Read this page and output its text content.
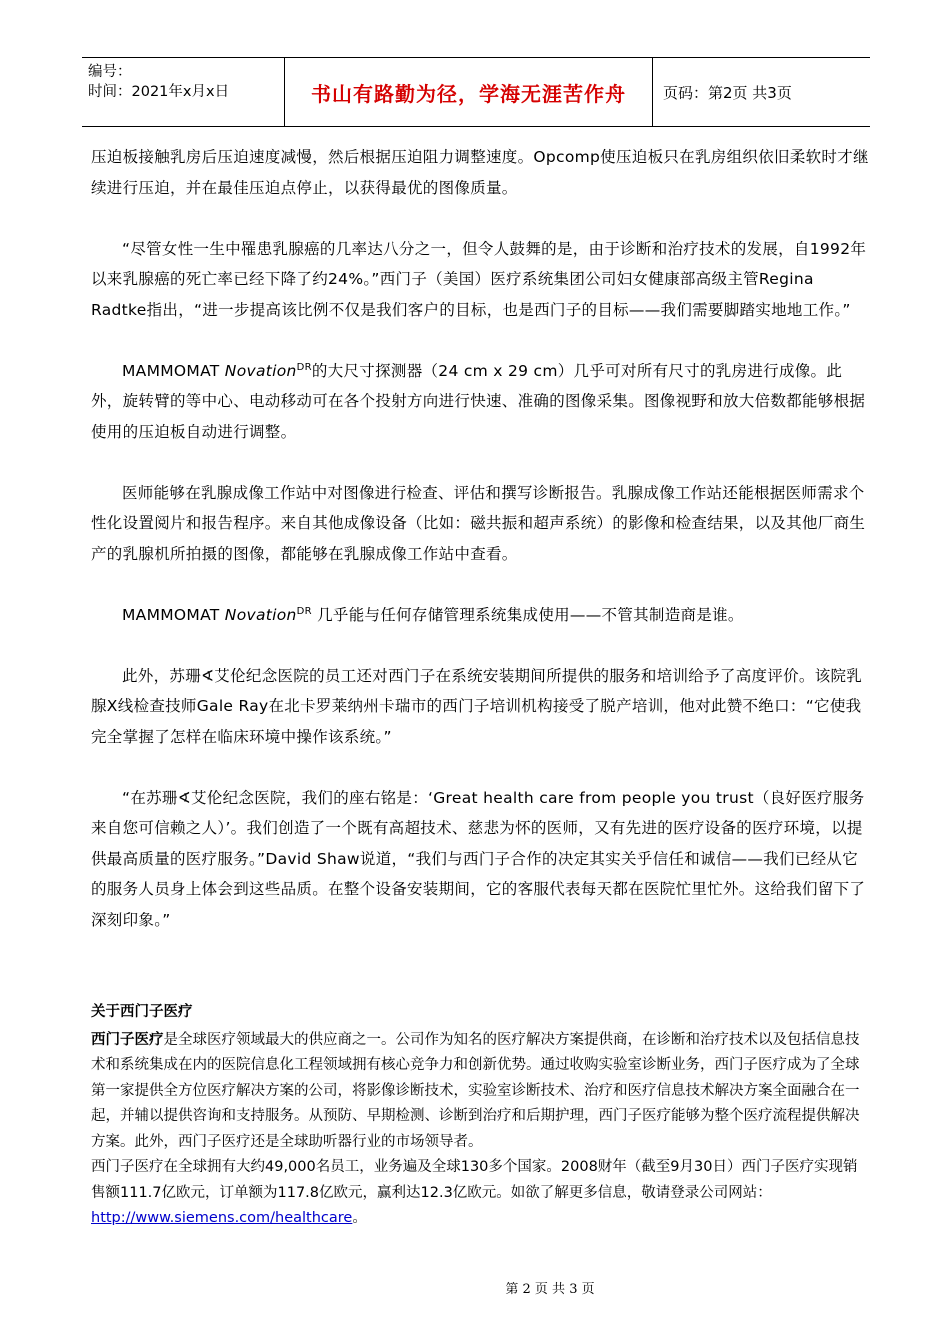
编号：
时间：2021年x月x日	书山有路勤为径，学海无涯苦作舟	页码：第2页 共3页

压迫板接触乳房后压迫速度减慢，然后根据压迫阻力调整速度。Opcomp使压迫板只在乳房组织依旧柔软时才继续进行压迫，并在最佳压迫点停止，以获得最优的图像质量。

“尽管女性一生中罹患乳腺癌的几率达八分之一，但令人鼓舞的是，由于诊断和治疗技术的发展，自1992年以来乳腺癌的死亡率已经下降了约24%。”西门子（美国）医疗系统集团公司妇女健康部高级主管Regina Radtke指出，“进一步提高该比例不仅是我们客户的目标，也是西门子的目标——我们需要脚踏实地地工作。”

MAMMOMAT Novation$^{DR}$的大尺寸探测器（24 cm x 29 cm）几乎可对所有尺寸的乳房进行成像。此外，旋转臂的等中心、电动移动可在各个投射方向进行快速、准确的图像采集。图像视野和放大倍数都能够根据使用的压迫板自动进行调整。

医师能够在乳腺成像工作站中对图像进行检查、评估和撰写诊断报告。乳腺成像工作站还能根据医师需求个性化设置阅片和报告程序。来自其他成像设备（比如：磁共振和超声系统）的影像和检查结果，以及其他厂商生产的乳腺机所拍摄的图像，都能够在乳腺成像工作站中查看。

MAMMOMAT Novation$^{DR}$ 几乎能与任何存储管理系统集成使用——不管其制造商是谁。

此外，苏珊∢艾伦纪念医院的员工还对西门子在系统安装期间所提供的服务和培训给予了高度评价。该院乳腺X线检查技师Gale Ray在北卡罗莱纳州卡瑞市的西门子培训机构接受了脱产培训，他对此赞不绝口：“它使我完全掌握了怎样在临床环境中操作该系统。”

“在苏珊∢艾伦纪念医院，我们的座右铭是：‘Great health care from people you trust（良好医疗服务来自您可信赖之人）’。我们创造了一个既有高超技术、慈悲为怀的医师，又有先进的医疗设备的医疗环境，以提供最高质量的医疗服务。”David Shaw说道，“我们与西门子合作的决定其实关乎信任和诚信——我们已经从它的服务人员身上体会到这些品质。在整个设备安装期间，它的客服代表每天都在医院忙里忙外。这给我们留下了深刻印象。”

关于西门子医疗

西门子医疗是全球医疗领域最大的供应商之一。公司作为知名的医疗解决方案提供商，在诊断和治疗技术以及包括信息技术和系统集成在内的医院信息化工程领域拥有核心竞争力和创新优势。通过收购实验室诊断业务，西门子医疗成为了全球第一家提供全方位医疗解决方案的公司，将影像诊断技术，实验室诊断技术、治疗和医疗信息技术解决方案全面融合在一起，并辅以提供咨询和支持服务。从预防、早期检测、诊断到治疗和后期护理，西门子医疗能够为整个医疗流程提供解决方案。此外，西门子医疗还是全球助听器行业的市场领导者。

西门子医疗在全球拥有大约49,000名员工，业务遍及全球130多个国家。2008财年（截至9月30日）西门子医疗实现销售额111.7亿欧元，订单额为117.8亿欧元，赢利达12.3亿欧元。如欲了解更多信息，敬请登录公司网站：http://www.siemens.com/healthcare。

第 2 页 共 3 页
